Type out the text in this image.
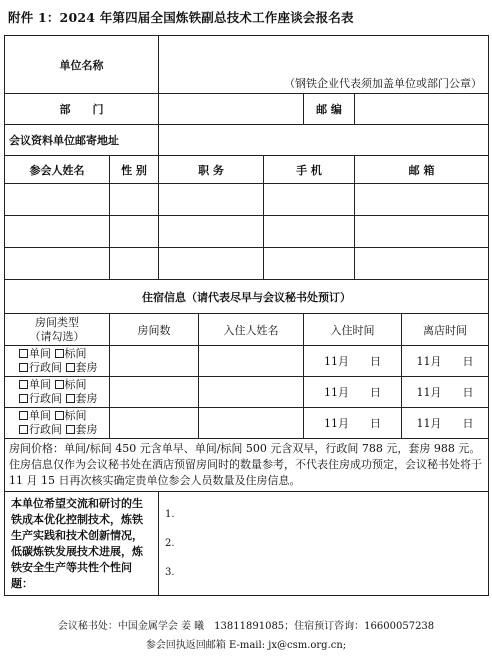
附件 1：2024 年第四届全国炼铁副总技术工作座谈会报名表
单位名称		（钢铁企业代表须加盖单位或部门公章）					
部　　门					邮 编		
会议资料单位邮寄地址							
参会人姓名	性 别	职 务		手 机		邮 箱	

住宿信息（请代表尽早与会议秘书处预订）							

房间类型
（请勾选）	房间数		入住人姓名		入住时间		离店时间

单间 标间
行政间 套房					11月 日		11月 日

单间 标间
行政间 套房					11月 日		11月 日

单间 标间
行政间 套房					11月 日		11月 日
房间价格：单间/标间 450 元含单早、单间/标间 500 元含双早，行政间 788 元，套房 988 元。住房信息仅作为会议秘书处在酒店预留房间时的数量参考，不代表住房成功预定，会议秘书处将于 11 月 15 日再次核实确定贵单位参会人员数量及住房信息。							
本单位希望交流和研讨的生铁成本优化控制技术，炼铁生产实践和技术创新情况，低碳炼铁发展技术进展，炼铁安全生产等共性个性问题：		1.
2.
3.					
会议秘书处：中国金属学会 姜 曦　13811891085；住宿预订咨询：16600057238
参会回执返回邮箱 E-mail: jx@csm.org.cn;
